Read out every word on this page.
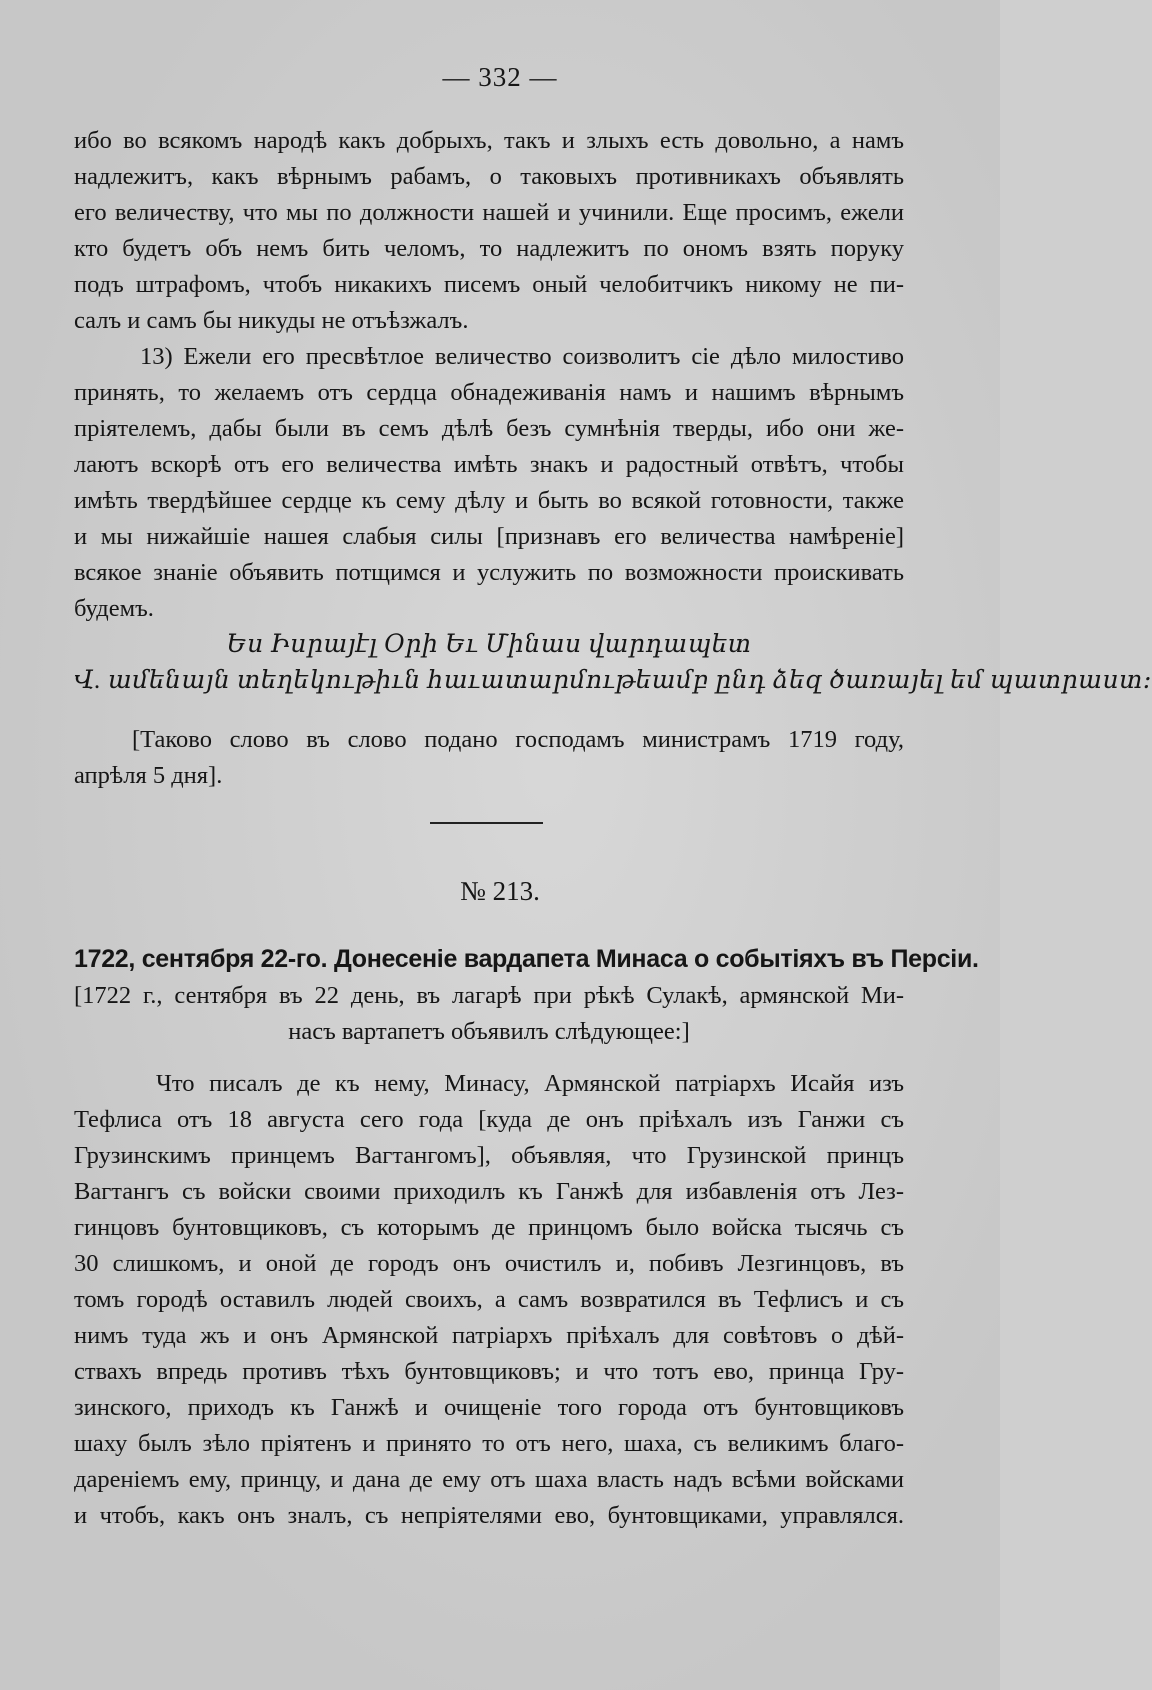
— 332 —
ибо во всякомъ народѣ какъ добрыхъ, такъ и злыхъ есть довольно, а намъ
надлежитъ, какъ вѣрнымъ рабамъ, о таковыхъ противникахъ объявлять
его величеству, что мы по должности нашей и учинили. Еще просимъ, ежели
кто будетъ объ немъ бить челомъ, то надлежитъ по ономъ взять поруку
подъ штрафомъ, чтобъ никакихъ писемъ оный челобитчикъ никому не пи-
салъ и самъ бы никуды не отъѣзжалъ.
13) Ежели его пресвѣтлое величество соизволитъ сіе дѣло милостиво
принять, то желаемъ отъ сердца обнадеживанія намъ и нашимъ вѣрнымъ
пріятелемъ, дабы были въ семъ дѣлѣ безъ сумнѣнія тверды, ибо они же-
лаютъ вскорѣ отъ его величества имѣть знакъ и радостный отвѣтъ, чтобы
имѣть твердѣйшее сердце къ сему дѣлу и быть во всякой готовности, также
и мы нижайшіе нашея слабыя силы [признавъ его величества намѣреніе]
всякое знаніе объявить потщимся и услужить по возможности проискивать
будемъ.
Ես Իսրայէլ Օրի Եւ Մինաս վարդապետ
Վ. ամենայն տեղեկութիւն հաւատարմութեամբ ընդ ձեզ ծառայել եմ պատրաստ։
[Таково слово въ слово подано господамъ министрамъ 1719 году,
апрѣля 5 дня].
№ 213.
1722, сентября 22-го. Донесеніе вардапета Минаса о событіяхъ въ Персіи.
[1722 г., сентября въ 22 день, въ лагарѣ при рѣкѣ Сулакѣ, армянской Ми-
насъ вартапетъ объявилъ слѣдующее:]
Что писалъ де къ нему, Минасу, Армянской патріархъ Исайя изъ
Тефлиса отъ 18 августа сего года [куда де онъ пріѣхалъ изъ Ганжи съ
Грузинскимъ принцемъ Вагтангомъ], объявляя, что Грузинской принцъ
Вагтангъ съ войски своими приходилъ къ Ганжѣ для избавленія отъ Лез-
гинцовъ бунтовщиковъ, съ которымъ де принцомъ было войска тысячь съ
30 слишкомъ, и оной де городъ онъ очистилъ и, побивъ Лезгинцовъ, въ
томъ городѣ оставилъ людей своихъ, а самъ возвратился въ Тефлисъ и съ
нимъ туда жъ и онъ Армянской патріархъ пріѣхалъ для совѣтовъ о дѣй-
ствахъ впредь противъ тѣхъ бунтовщиковъ; и что тотъ ево, принца Гру-
зинского, приходъ къ Ганжѣ и очищеніе того города отъ бунтовщиковъ
шаху былъ зѣло пріятенъ и принято то отъ него, шаха, съ великимъ благо-
дареніемъ ему, принцу, и дана де ему отъ шаха власть надъ всѣми войсками
и чтобъ, какъ онъ зналъ, съ непріятелями ево, бунтовщиками, управлялся.
